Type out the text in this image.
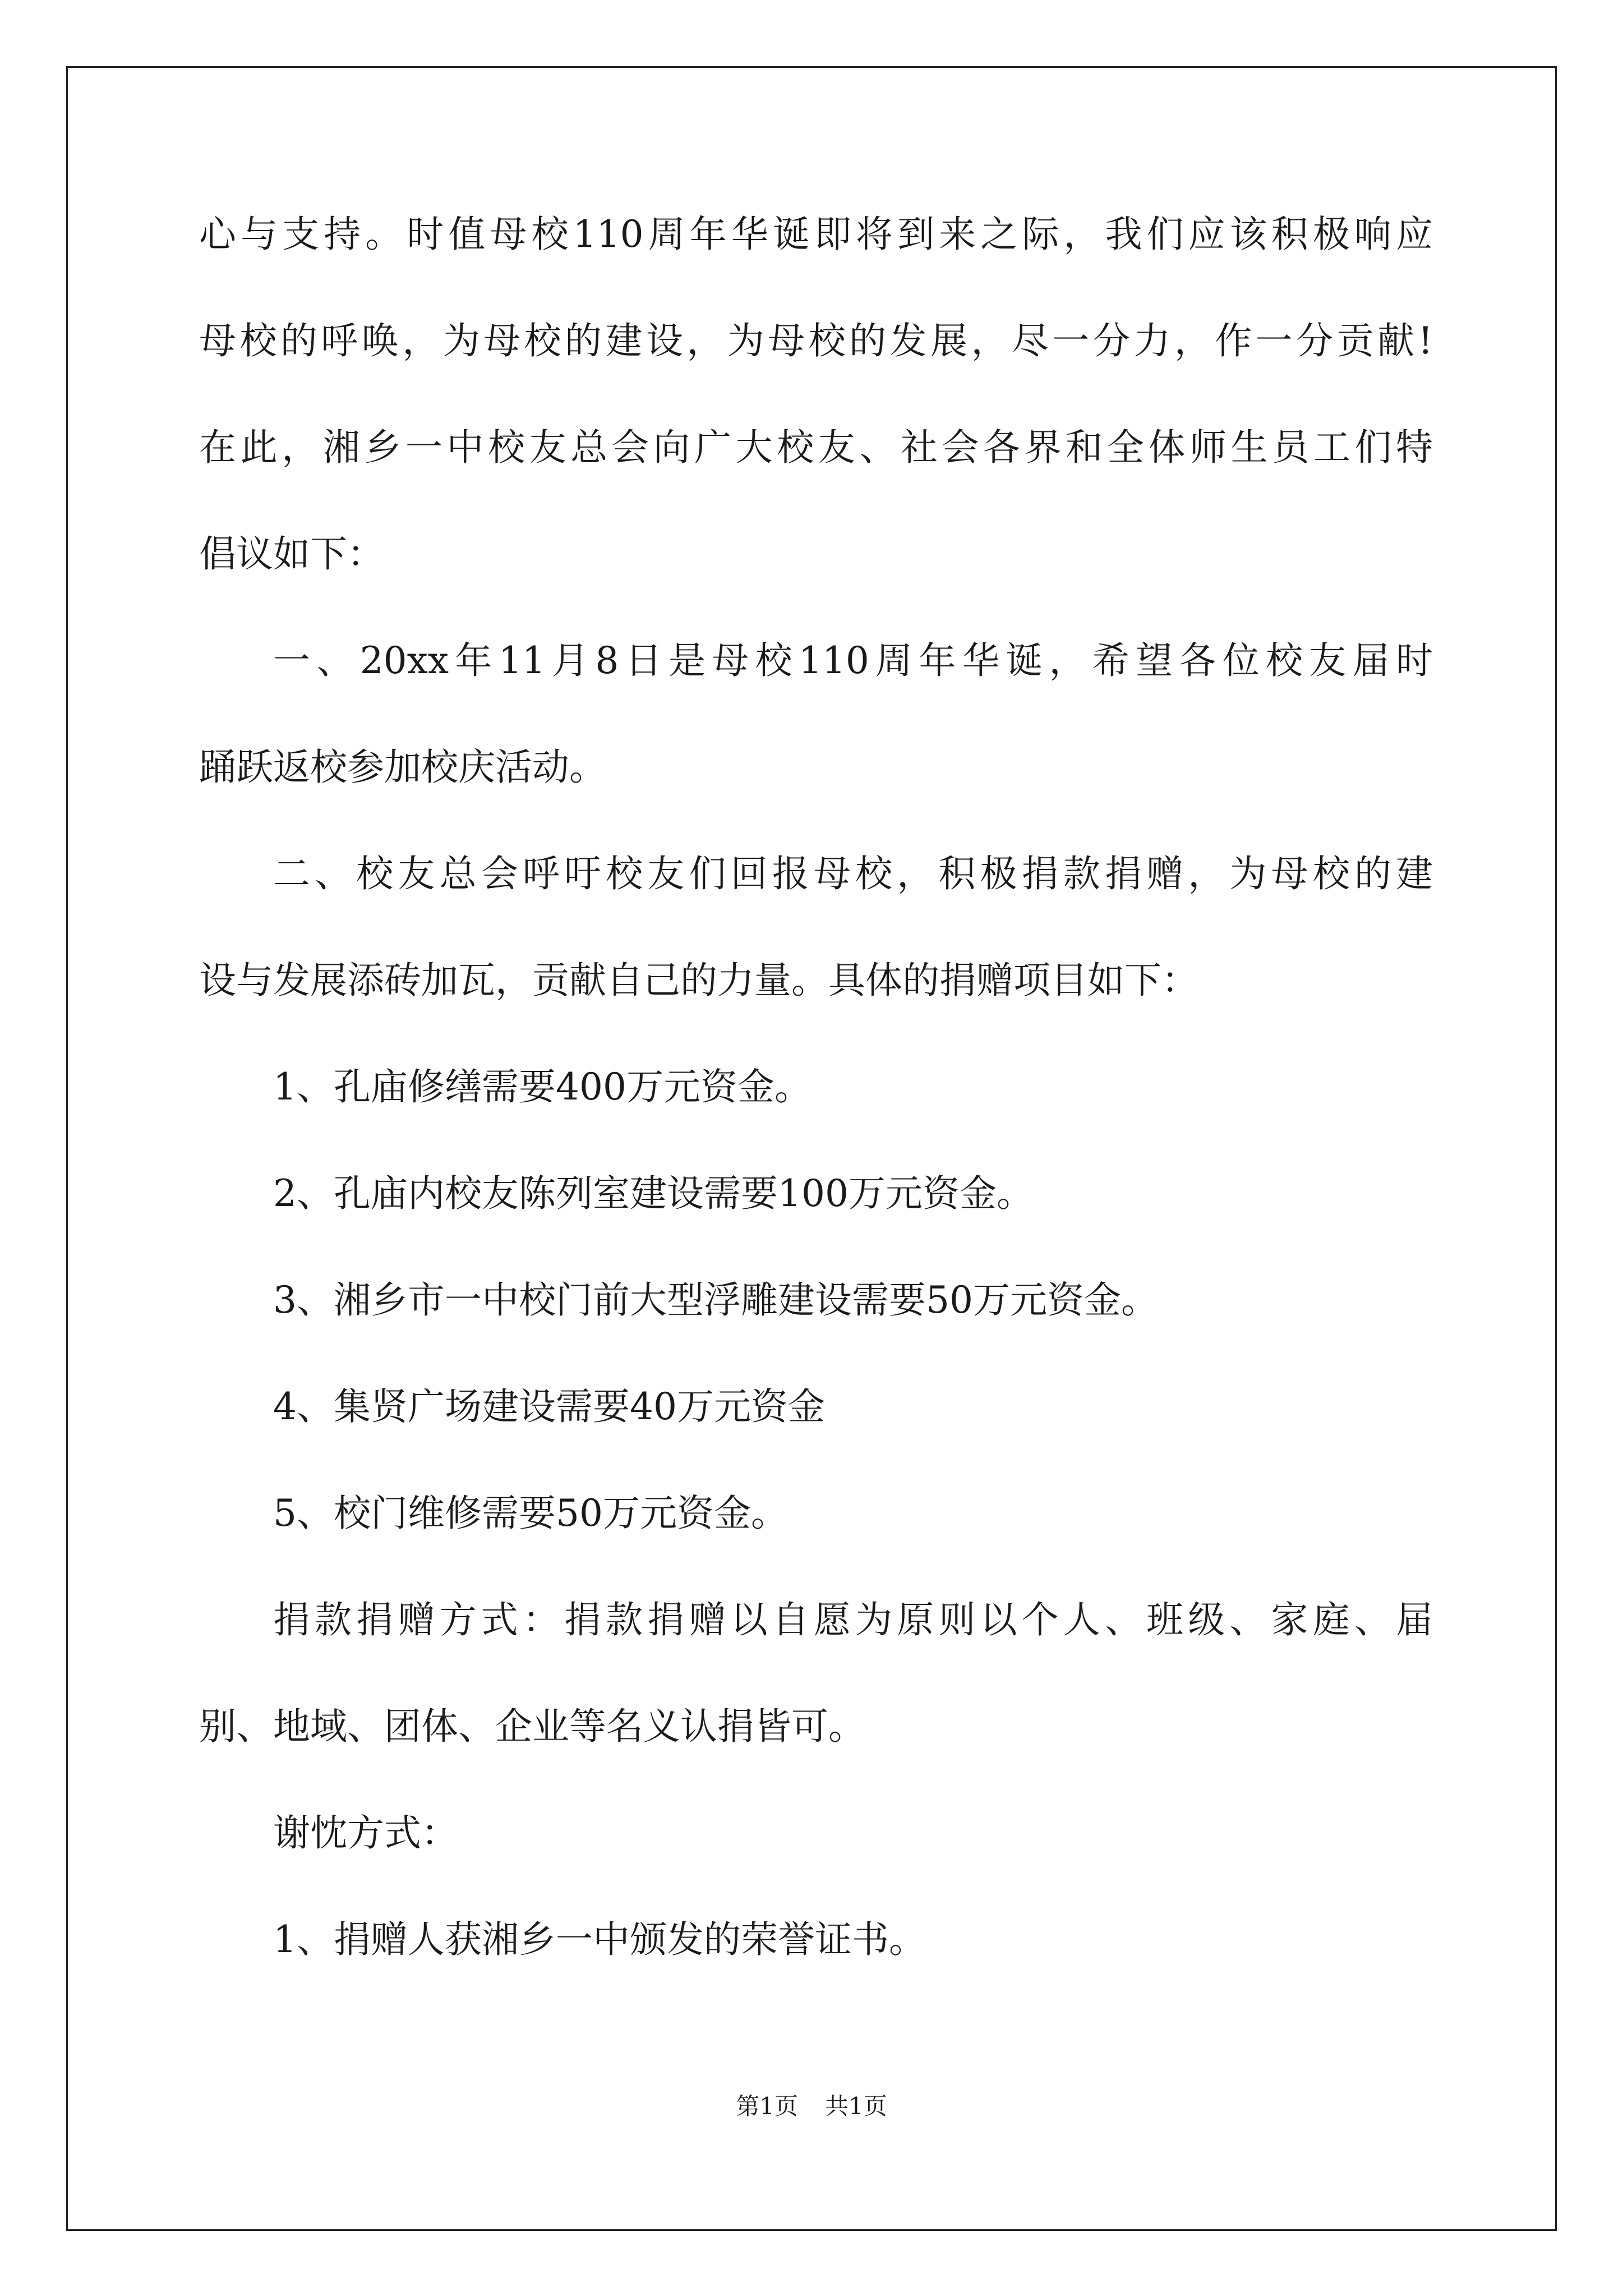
心与支持。时值母校110周年华诞即将到来之际，我们应该积极响应
母校的呼唤，为母校的建设，为母校的发展，尽一分力，作一分贡献!
在此，湘乡一中校友总会向广大校友、社会各界和全体师生员工们特
倡议如下：
一、20xx年11月8日是母校110周年华诞，希望各位校友届时
踊跃返校参加校庆活动。
二、校友总会呼吁校友们回报母校，积极捐款捐赠，为母校的建
设与发展添砖加瓦，贡献自己的力量。具体的捐赠项目如下：
1、孔庙修缮需要400万元资金。
2、孔庙内校友陈列室建设需要100万元资金。
3、湘乡市一中校门前大型浮雕建设需要50万元资金。
4、集贤广场建设需要40万元资金
5、校门维修需要50万元资金。
捐款捐赠方式：捐款捐赠以自愿为原则以个人、班级、家庭、届
别、地域、团体、企业等名义认捐皆可。
谢忱方式：
1、捐赠人获湘乡一中颁发的荣誉证书。
第1页 共1页
